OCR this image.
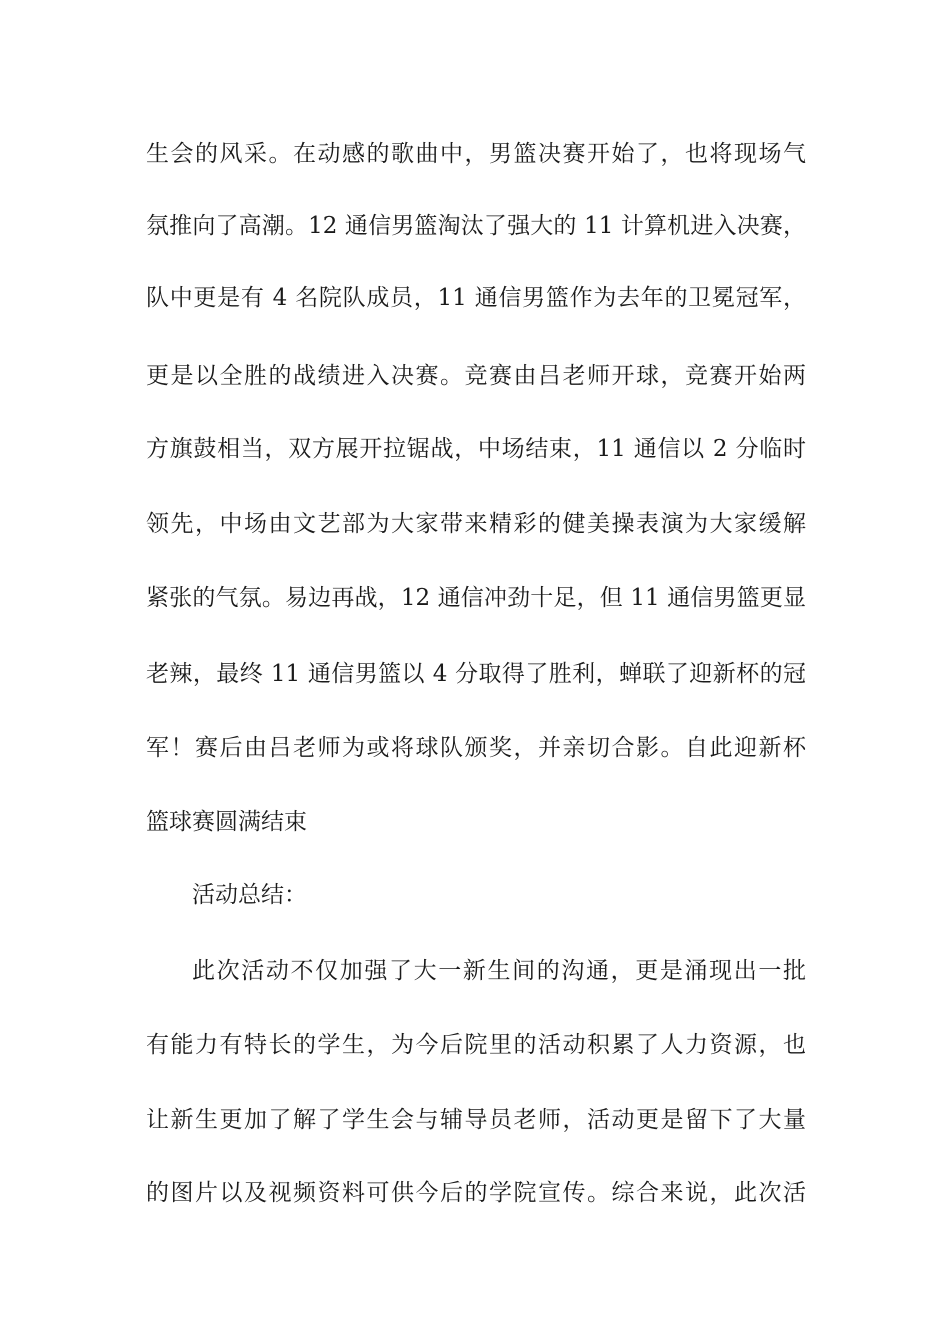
生会的风采。在动感的歌曲中，男篮决赛开始了，也将现场气
氛推向了高潮。12 通信男篮淘汰了强大的 11 计算机进入决赛，
队中更是有 4 名院队成员，11 通信男篮作为去年的卫冕冠军，
更是以全胜的战绩进入决赛。竞赛由吕老师开球，竞赛开始两
方旗鼓相当，双方展开拉锯战，中场结束，11 通信以 2 分临时
领先，中场由文艺部为大家带来精彩的健美操表演为大家缓解
紧张的气氛。易边再战，12 通信冲劲十足，但 11 通信男篮更显
老辣，最终 11 通信男篮以 4 分取得了胜利，蝉联了迎新杯的冠
军！赛后由吕老师为或将球队颁奖，并亲切合影。自此迎新杯
篮球赛圆满结束
活动总结：
此次活动不仅加强了大一新生间的沟通，更是涌现出一批
有能力有特长的学生，为今后院里的活动积累了人力资源，也
让新生更加了解了学生会与辅导员老师，活动更是留下了大量
的图片以及视频资料可供今后的学院宣传。综合来说，此次活
